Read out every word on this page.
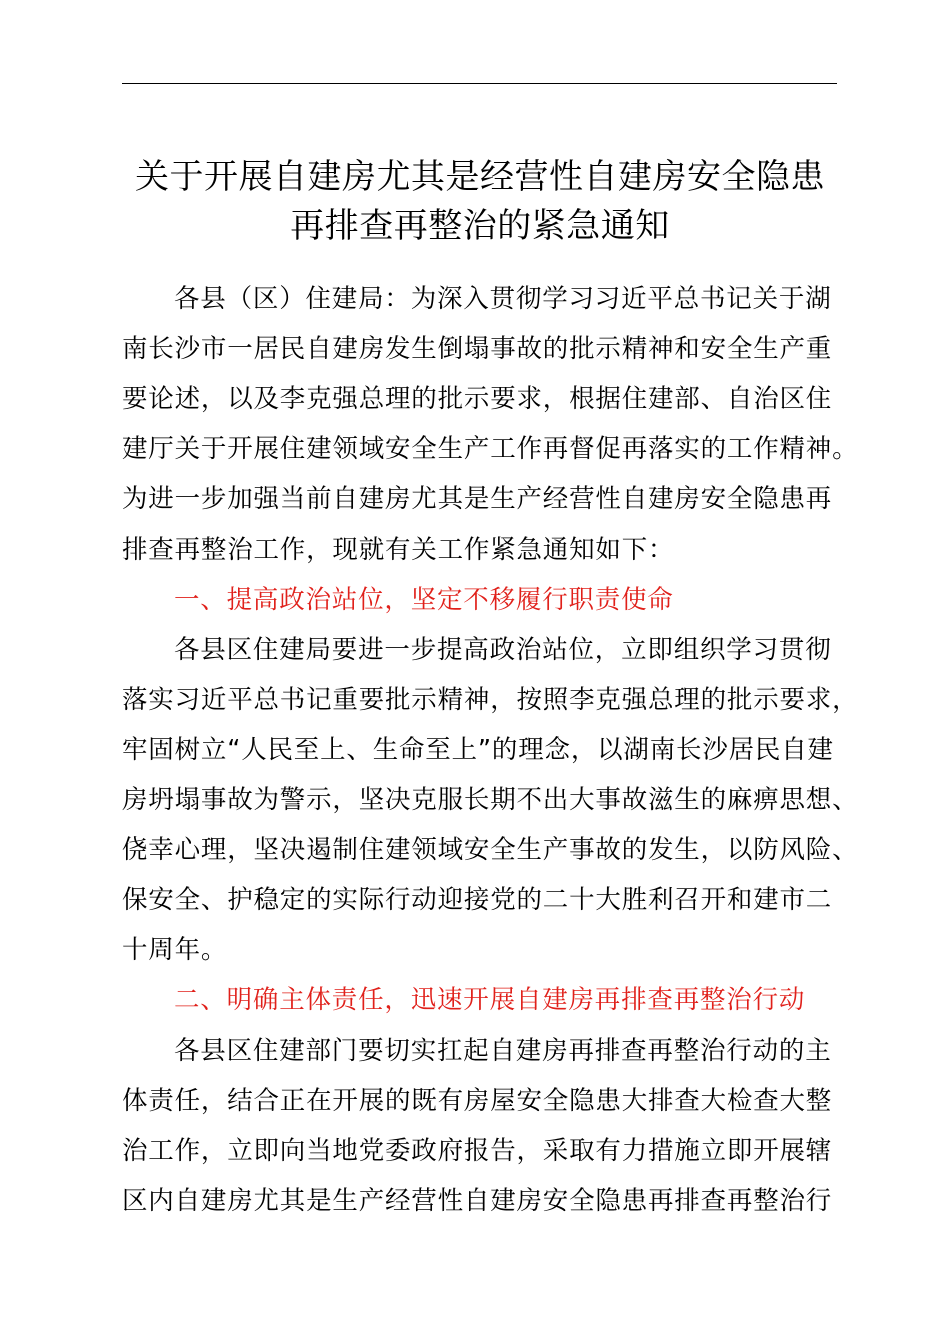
关于开展自建房尤其是经营性自建房安全隐患
再排查再整治的紧急通知
各县（区）住建局：为深入贯彻学习习近平总书记关于湖
南长沙市一居民自建房发生倒塌事故的批示精神和安全生产重
要论述，以及李克强总理的批示要求，根据住建部、自治区住
建厅关于开展住建领域安全生产工作再督促再落实的工作精神。
为进一步加强当前自建房尤其是生产经营性自建房安全隐患再
排查再整治工作，现就有关工作紧急通知如下：
一、提高政治站位，坚定不移履行职责使命
各县区住建局要进一步提高政治站位，立即组织学习贯彻
落实习近平总书记重要批示精神，按照李克强总理的批示要求，
牢固树立“人民至上、生命至上”的理念，以湖南长沙居民自建
房坍塌事故为警示，坚决克服长期不出大事故滋生的麻痹思想、
侥幸心理，坚决遏制住建领域安全生产事故的发生，以防风险、
保安全、护稳定的实际行动迎接党的二十大胜利召开和建市二
十周年。
二、明确主体责任，迅速开展自建房再排查再整治行动
各县区住建部门要切实扛起自建房再排查再整治行动的主
体责任，结合正在开展的既有房屋安全隐患大排查大检查大整
治工作，立即向当地党委政府报告，采取有力措施立即开展辖
区内自建房尤其是生产经营性自建房安全隐患再排查再整治行
